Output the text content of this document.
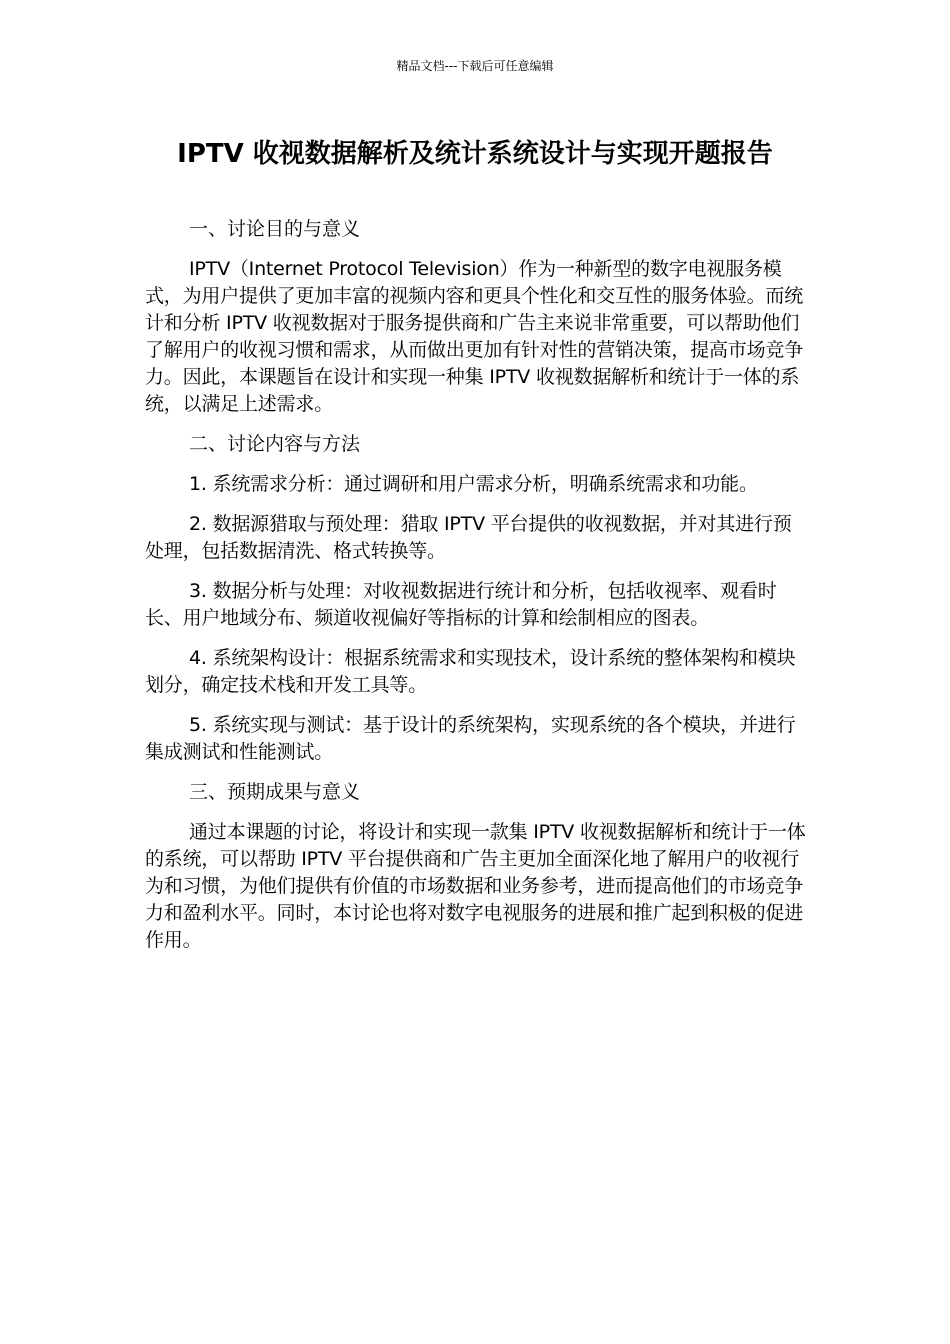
精品文档---下载后可任意编辑
IPTV 收视数据解析及统计系统设计与实现开题报告
一、讨论目的与意义

IPTV（Internet Protocol Television）作为一种新型的数字电视服务模式，为用户提供了更加丰富的视频内容和更具个性化和交互性的服务体验。而统计和分析 IPTV 收视数据对于服务提供商和广告主来说非常重要，可以帮助他们了解用户的收视习惯和需求，从而做出更加有针对性的营销决策，提高市场竞争力。因此，本课题旨在设计和实现一种集 IPTV 收视数据解析和统计于一体的系统，以满足上述需求。

二、讨论内容与方法

1. 系统需求分析：通过调研和用户需求分析，明确系统需求和功能。

2. 数据源猎取与预处理：猎取 IPTV 平台提供的收视数据，并对其进行预处理，包括数据清洗、格式转换等。

3. 数据分析与处理：对收视数据进行统计和分析，包括收视率、观看时长、用户地域分布、频道收视偏好等指标的计算和绘制相应的图表。

4. 系统架构设计：根据系统需求和实现技术，设计系统的整体架构和模块划分，确定技术栈和开发工具等。

5. 系统实现与测试：基于设计的系统架构，实现系统的各个模块，并进行集成测试和性能测试。

三、预期成果与意义

通过本课题的讨论，将设计和实现一款集 IPTV 收视数据解析和统计于一体的系统，可以帮助 IPTV 平台提供商和广告主更加全面深化地了解用户的收视行为和习惯，为他们提供有价值的市场数据和业务参考，进而提高他们的市场竞争力和盈利水平。同时，本讨论也将对数字电视服务的进展和推广起到积极的促进作用。
